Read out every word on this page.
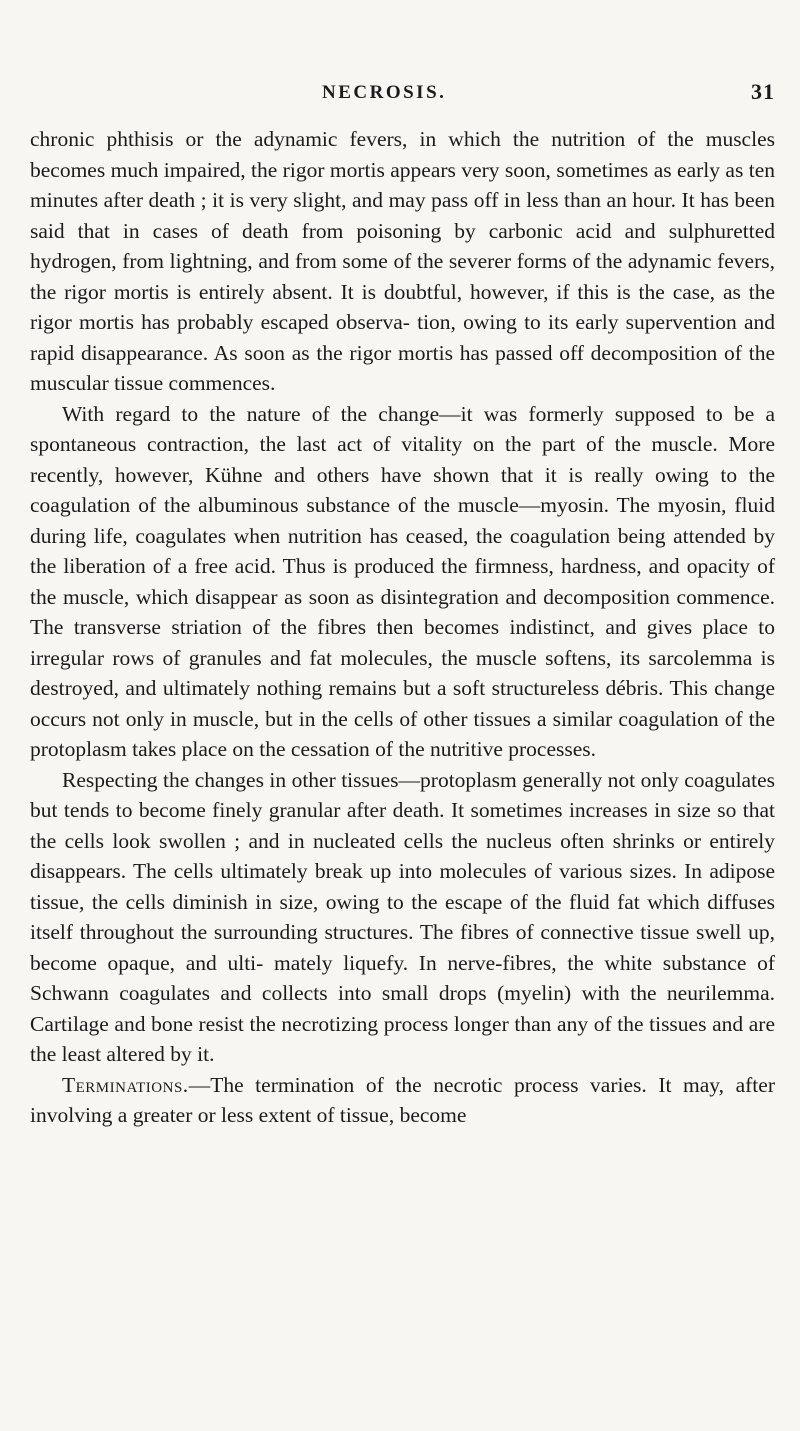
NECROSIS.	31

chronic phthisis or the adynamic fevers, in which the nutrition of the muscles becomes much impaired, the rigor mortis appears very soon, sometimes as early as ten minutes after death ; it is very slight, and may pass off in less than an hour. It has been said that in cases of death from poisoning by carbonic acid and sulphuretted hydrogen, from lightning, and from some of the severer forms of the adynamic fevers, the rigor mortis is entirely absent. It is doubtful, however, if this is the case, as the rigor mortis has probably escaped observa- tion, owing to its early supervention and rapid disappearance. As soon as the rigor mortis has passed off decomposition of the muscular tissue commences.

With regard to the nature of the change—it was formerly supposed to be a spontaneous contraction, the last act of vitality on the part of the muscle. More recently, however, Kühne and others have shown that it is really owing to the coagulation of the albuminous substance of the muscle—myosin. The myosin, fluid during life, coagulates when nutrition has ceased, the coagulation being attended by the liberation of a free acid. Thus is produced the firmness, hardness, and opacity of the muscle, which disappear as soon as disintegration and decomposition commence. The transverse striation of the fibres then becomes indistinct, and gives place to irregular rows of granules and fat molecules, the muscle softens, its sarcolemma is destroyed, and ultimately nothing remains but a soft structureless débris. This change occurs not only in muscle, but in the cells of other tissues a similar coagulation of the protoplasm takes place on the cessation of the nutritive processes.

Respecting the changes in other tissues—protoplasm generally not only coagulates but tends to become finely granular after death. It sometimes increases in size so that the cells look swollen ; and in nucleated cells the nucleus often shrinks or entirely disappears. The cells ultimately break up into molecules of various sizes. In adipose tissue, the cells diminish in size, owing to the escape of the fluid fat which diffuses itself throughout the surrounding structures. The fibres of connective tissue swell up, become opaque, and ulti- mately liquefy. In nerve-fibres, the white substance of Schwann coagulates and collects into small drops (myelin) with the neurilemma. Cartilage and bone resist the necrotizing process longer than any of the tissues and are the least altered by it.

Terminations.—The termination of the necrotic process varies. It may, after involving a greater or less extent of tissue, become
